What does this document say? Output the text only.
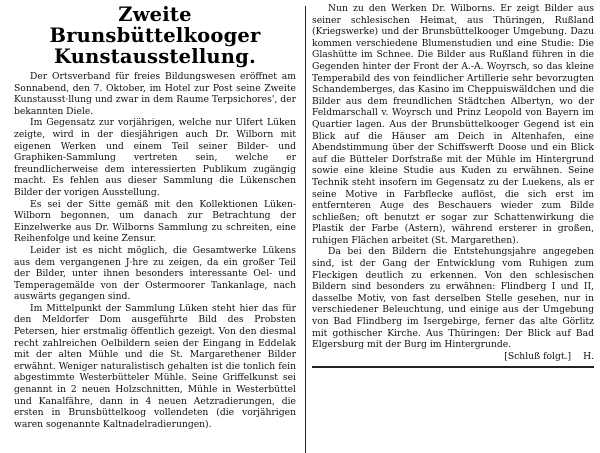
Zweite Brunsbüttelkooger
Kunstausstellung.

Der Ortsverband für freies Bildungswesen eröffnet am Sonnabend, den 7. Oktober, im Hotel zur Post seine Zweite Kunstausst·llung und zwar in dem Raume Terpsichores', der bekannten Diele.

Im Gegensatz zur vorjährigen, welche nur Ulfert Lüken zeigte, wird in der diesjährigen auch Dr. Wilborn mit eigenen Werken und einem Teil seiner Bilder- und Graphiken-Sammlung vertreten sein, welche er freundlicherweise dem interessierten Publikum zugängig macht. Es fehlen aus dieser Sammlung die Lükenschen Bilder der vorigen Ausstellung.

Es sei der Sitte gemäß mit den Kollektionen Lüken-Wilborn begonnen, um danach zur Betrachtung der Einzelwerke aus Dr. Wilborns Sammlung zu schreiten, eine Reihenfolge und keine Zensur.

Leider ist es nicht möglich, die Gesamtwerke Lükens aus dem vergangenen J·hre zu zeigen, da ein großer Teil der Bilder, unter ihnen besonders interessante Oel- und Temperagemälde von der Ostermoorer Tankanlage, nach auswärts gegangen sind.

Im Mittelpunkt der Sammlung Lüken steht hier das für den Meldorfer Dom ausgeführte Bild des Probsten Petersen, hier erstmalig öffentlich gezeigt. Von den diesmal recht zahlreichen Oelbildern seien der Eingang in Eddelak mit der alten Mühle und die St. Margarethener Bilder erwähnt. Weniger naturalistisch gehalten ist die tonlich fein abgestimmte Westerbütteler Mühle. Seine Griffelkunst sei genannt in 2 neuen Holzschnitten, Mühle in Westerbüttel und Kanalfähre, dann in 4 neuen Aetzradierungen, die ersten in Brunsbüttelkoog vollendeten (die vorjährigen waren sogenannte Kaltnadelradierungen).

Nun zu den Werken Dr. Wilborns. Er zeigt Bilder aus seiner schlesischen Heimat, aus Thüringen, Rußland (Kriegswerke) und der Brunsbüttelkooger Umgebung. Dazu kommen verschiedene Blumenstudien und eine Studie: Die Glashütte im Schnee. Die Bilder aus Rußland führen in die Gegenden hinter der Front der A.-A. Woyrsch, so das kleine Temperabild des von feindlicher Artillerie sehr bevorzugten Schandemberges, das Kasino im Cheppuiswäldchen und die Bilder aus dem freundlichen Städtchen Albertyn, wo der Feldmarschall v. Woyrsch und Prinz Leopold von Bayern im Quartier lagen. Aus der Brunsbüttelkooger Gegend ist ein Blick auf die Häuser am Deich in Altenhafen, eine Abendstimmung über der Schiffswerft Doose und ein Blick auf die Bütteler Dorfstraße mit der Mühle im Hintergrund sowie eine kleine Studie aus Kuden zu erwähnen. Seine Technik steht insofern im Gegensatz zu der Luekens, als er seine Motive in Farbflecke auflöst, die sich erst im entfernteren Auge des Beschauers wieder zum Bilde schließen; oft benutzt er sogar zur Schattenwirkung die Plastik der Farbe (Astern), während ersterer in großen, ruhigen Flächen arbeitet (St. Margarethen).

Da bei den Bildern die Entstehungsjahre angegeben sind, ist der Gang der Entwicklung vom Ruhigen zum Fleckigen deutlich zu erkennen. Von den schlesischen Bildern sind besonders zu erwähnen: Flindberg I und II, dasselbe Motiv, von fast derselben Stelle gesehen, nur in verschiedener Beleuchtung, und einige aus der Umgebung von Bad Flindberg im Isergebirge, ferner das alte Görlitz mit gothischer Kirche. Aus Thüringen: Der Blick auf Bad Elgersburg mit der Burg im Hintergrunde.

[Schluß folgt.] H.
